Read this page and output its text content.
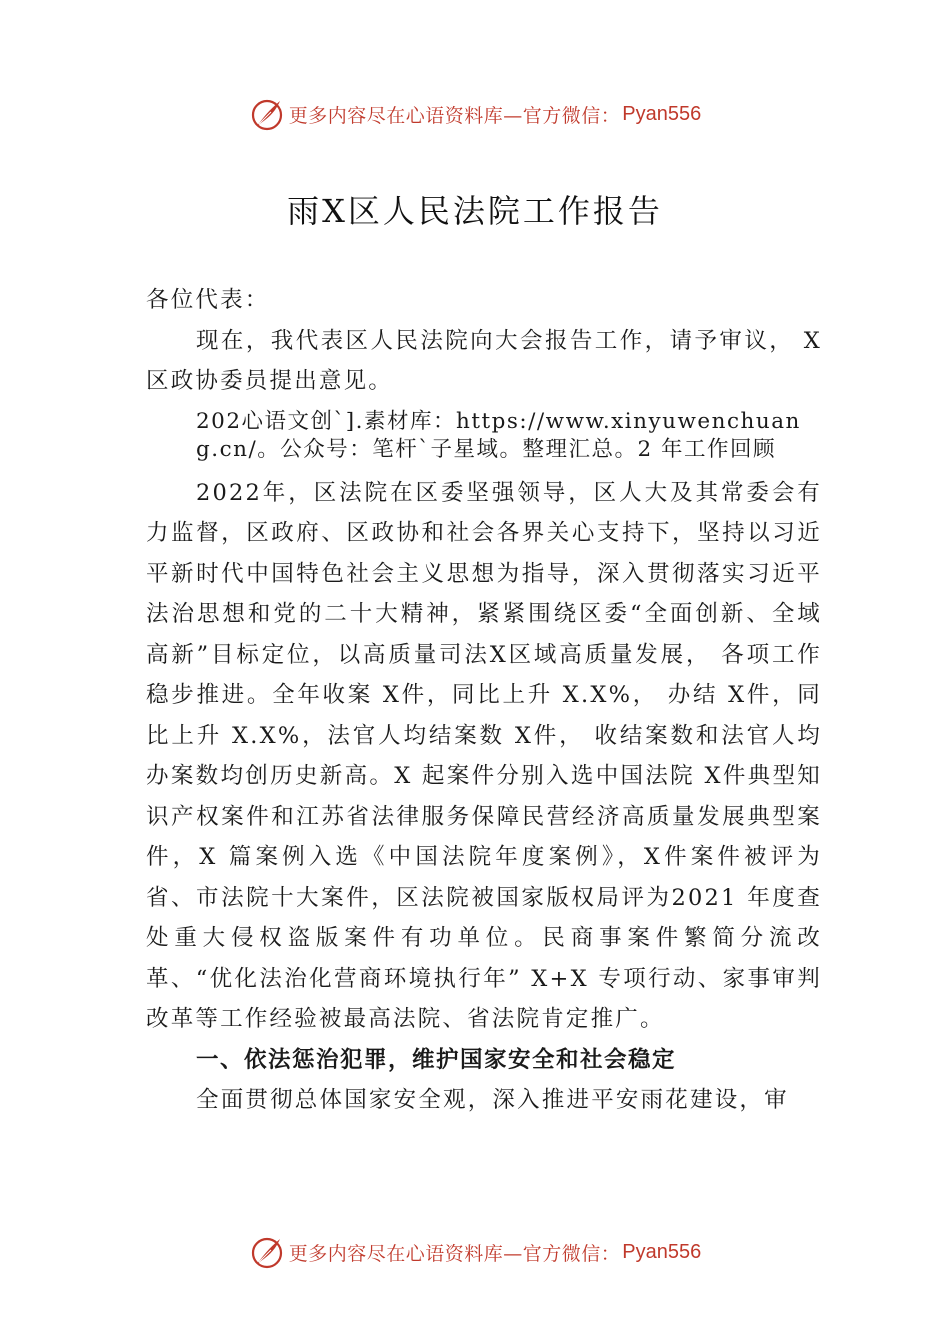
更多内容尽在心语资料库—官方微信： Pyan556
雨X区人民法院工作报告

各位代表：

现在，我代表区人民法院向大会报告工作，请予审议， X区政协委员提出意见。

202心语文创`].素材库：https://www.xinyuwenchuang.cn/。公众号：笔杆`子星域。整理汇总。2 年工作回顾

2022年，区法院在区委坚强领导，区人大及其常委会有力监督，区政府、区政协和社会各界关心支持下，坚持以习近平新时代中国特色社会主义思想为指导，深入贯彻落实习近平法治思想和党的二十大精神，紧紧围绕区委“全面创新、全域高新”目标定位，以高质量司法X区域高质量发展， 各项工作稳步推进。全年收案 X件，同比上升 X.X%， 办结 X件，同比上升 X.X%，法官人均结案数 X件， 收结案数和法官人均办案数均创历史新高。X 起案件分别入选中国法院 X件典型知识产权案件和江苏省法律服务保障民营经济高质量发展典型案件，X 篇案例入选《中国法院年度案例》，X件案件被评为省、市法院十大案件，区法院被国家版权局评为2021 年度查处重大侵权盗版案件有功单位。民商事案件繁简分流改革、“优化法治化营商环境执行年” X+X 专项行动、家事审判改革等工作经验被最高法院、省法院肯定推广。

一、依法惩治犯罪，维护国家安全和社会稳定

全面贯彻总体国家安全观，深入推进平安雨花建设，审

更多内容尽在心语资料库—官方微信： Pyan556
